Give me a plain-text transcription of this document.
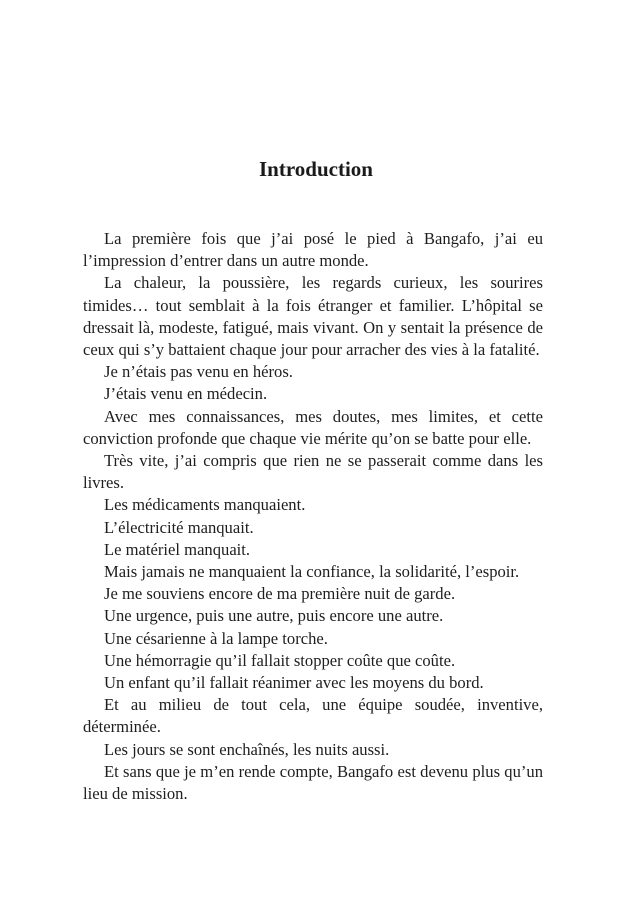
Introduction

La première fois que j’ai posé le pied à Bangafo, j’ai eu l’impression d’entrer dans un autre monde.

La chaleur, la poussière, les regards curieux, les sourires timides… tout semblait à la fois étranger et familier. L’hôpital se dressait là, modeste, fatigué, mais vivant. On y sentait la présence de ceux qui s’y battaient chaque jour pour arracher des vies à la fatalité.

Je n’étais pas venu en héros.

J’étais venu en médecin.

Avec mes connaissances, mes doutes, mes limites, et cette conviction profonde que chaque vie mérite qu’on se batte pour elle.

Très vite, j’ai compris que rien ne se passerait comme dans les livres.

Les médicaments manquaient.

L’électricité manquait.

Le matériel manquait.

Mais jamais ne manquaient la confiance, la solidarité, l’espoir.

Je me souviens encore de ma première nuit de garde.

Une urgence, puis une autre, puis encore une autre.

Une césarienne à la lampe torche.

Une hémorragie qu’il fallait stopper coûte que coûte.

Un enfant qu’il fallait réanimer avec les moyens du bord.

Et au milieu de tout cela, une équipe soudée, inventive, déterminée.

Les jours se sont enchaînés, les nuits aussi.

Et sans que je m’en rende compte, Bangafo est devenu plus qu’un lieu de mission.
